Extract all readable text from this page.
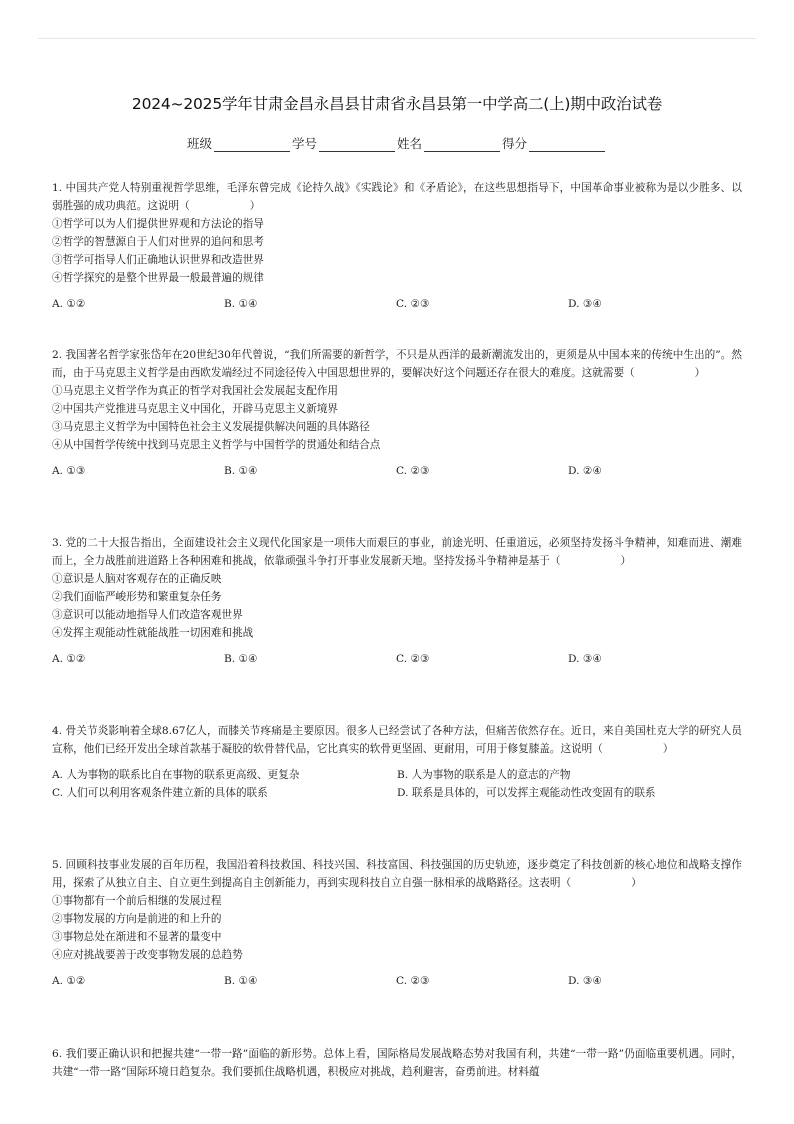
2024~2025学年甘肃金昌永昌县甘肃省永昌县第一中学高二(上)期中政治试卷
班级	学号	姓名	得分
1. 中国共产党人特别重视哲学思维，毛泽东曾完成《论持久战》《实践论》和《矛盾论》，在这些思想指导下，中国革命事业被称为是以少胜多、以弱胜强的成功典范。这说明（	）
①哲学可以为人们提供世界观和方法论的指导
②哲学的智慧源自于人们对世界的追问和思考
③哲学可指导人们正确地认识世界和改造世界
④哲学探究的是整个世界最一般最普遍的规律
A. ①②	B. ①④	C. ②③	D. ③④
2. 我国著名哲学家张岱年在20世纪30年代曾说，“我们所需要的新哲学，不只是从西洋的最新潮流发出的，更须是从中国本来的传统中生出的”。然而，由于马克思主义哲学是由西欧发端经过不同途径传入中国思想世界的，要解决好这个问题还存在很大的难度。这就需要（	）
①马克思主义哲学作为真正的哲学对我国社会发展起支配作用
②中国共产党推进马克思主义中国化，开辟马克思主义新境界
③马克思主义哲学为中国特色社会主义发展提供解决问题的具体路径
④从中国哲学传统中找到马克思主义哲学与中国哲学的贯通处和结合点
A. ①③	B. ①④	C. ②③	D. ②④
3. 党的二十大报告指出，全面建设社会主义现代化国家是一项伟大而艰巨的事业，前途光明、任重道远，必须坚持发扬斗争精神，知难而进、潮难而上，全力战胜前进道路上各种困难和挑战，依靠顽强斗争打开事业发展新天地。坚持发扬斗争精神是基于（	）
①意识是人脑对客观存在的正确反映
②我们面临严峻形势和繁重复杂任务
③意识可以能动地指导人们改造客观世界
④发挥主观能动性就能战胜一切困难和挑战
A. ①②	B. ①④	C. ②③	D. ③④
4. 骨关节炎影响着全球8.67亿人，而膝关节疼痛是主要原因。很多人已经尝试了各种方法，但痛苦依然存在。近日，来自美国杜克大学的研究人员宣称，他们已经开发出全球首款基于凝胶的软骨替代品，它比真实的软骨更坚固、更耐用，可用于修复膝盖。这说明（	）
A. 人为事物的联系比自在事物的联系更高级、更复杂	B. 人为事物的联系是人的意志的产物
C. 人们可以利用客观条件建立新的具体的联系	D. 联系是具体的，可以发挥主观能动性改变固有的联系
5. 回顾科技事业发展的百年历程，我国沿着科技救国、科技兴国、科技富国、科技强国的历史轨迹，逐步奠定了科技创新的核心地位和战略支撑作用，探索了从独立自主、自立更生到提高自主创新能力，再到实现科技自立自强一脉相承的战略路径。这表明（	）
①事物都有一个前后相继的发展过程
②事物发展的方向是前进的和上升的
③事物总处在渐进和不显著的量变中
④应对挑战要善于改变事物发展的总趋势
A. ①②	B. ①④	C. ②③	D. ③④
6. 我们要正确认识和把握共建“一带一路”面临的新形势。总体上看，国际格局发展战略态势对我国有利，共建“一带一路”仍面临重要机遇。同时，共建“一带一路”国际环境日趋复杂。我们要抓住战略机遇，积极应对挑战，趋利避害，奋勇前进。材料蕴
